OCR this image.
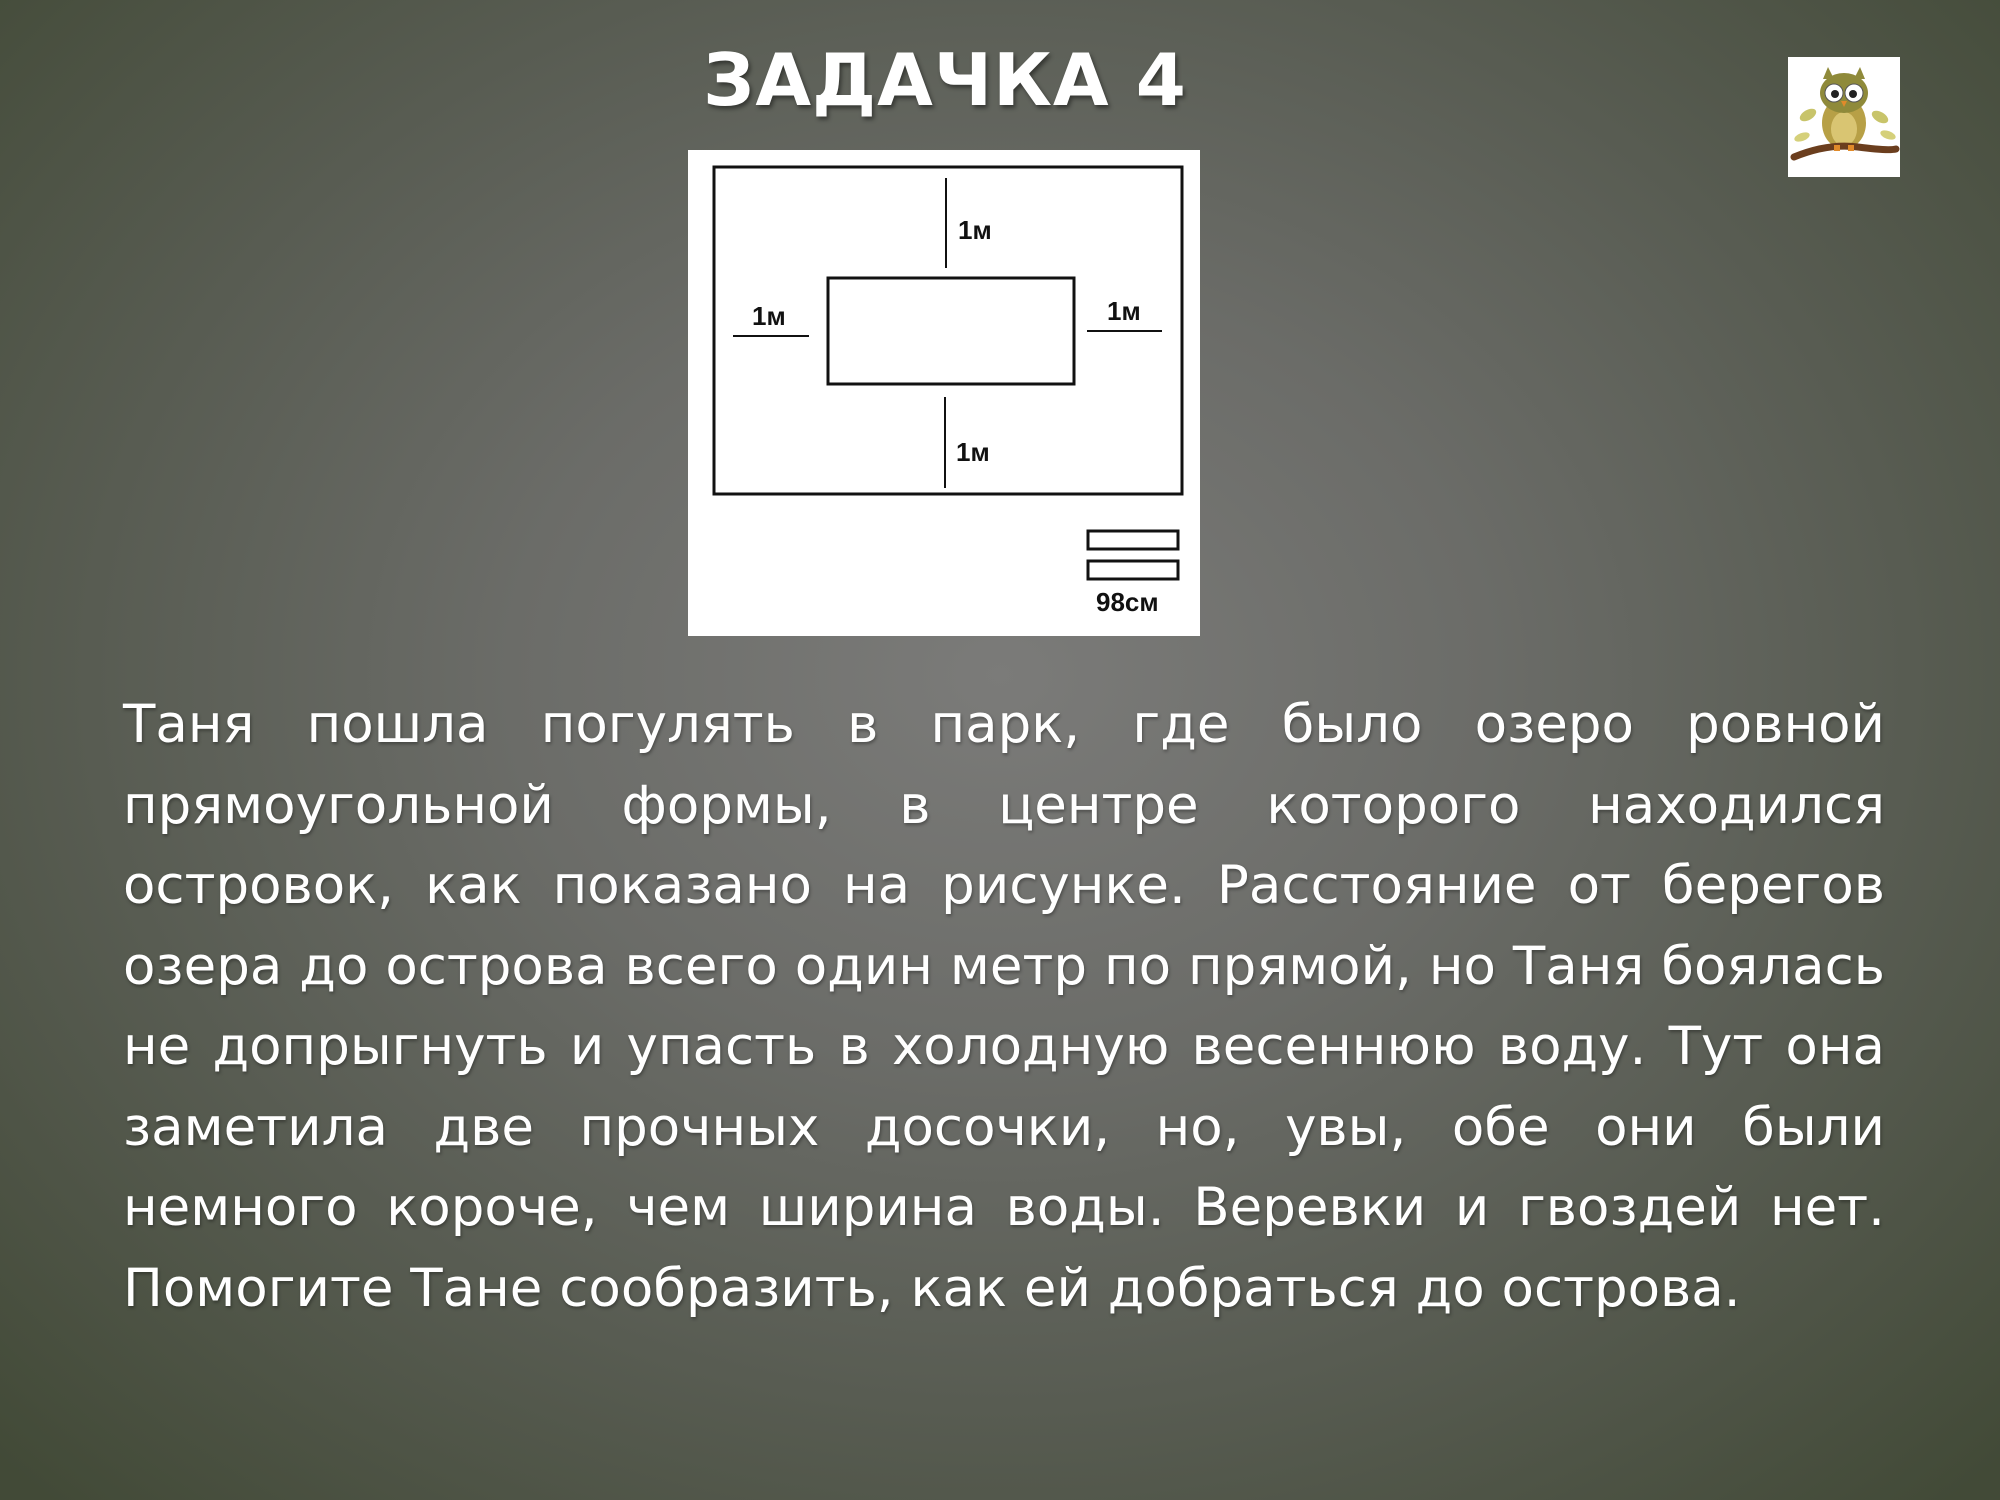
ЗАДАЧКА 4
1м
1м	1м
1м
98см

Таня пошла погулять в парк, где было озеро ровной прямоугольной формы, в центре которого находился островок, как показано на рисунке. Расстояние от берегов озера до острова всего один метр по прямой, но Таня боялась не допрыгнуть и упасть в холодную весеннюю воду. Тут она заметила две прочных досочки, но, увы, обе они были немного короче, чем ширина воды. Веревки и гвоздей нет. Помогите Тане сообразить, как ей добраться до острова.
